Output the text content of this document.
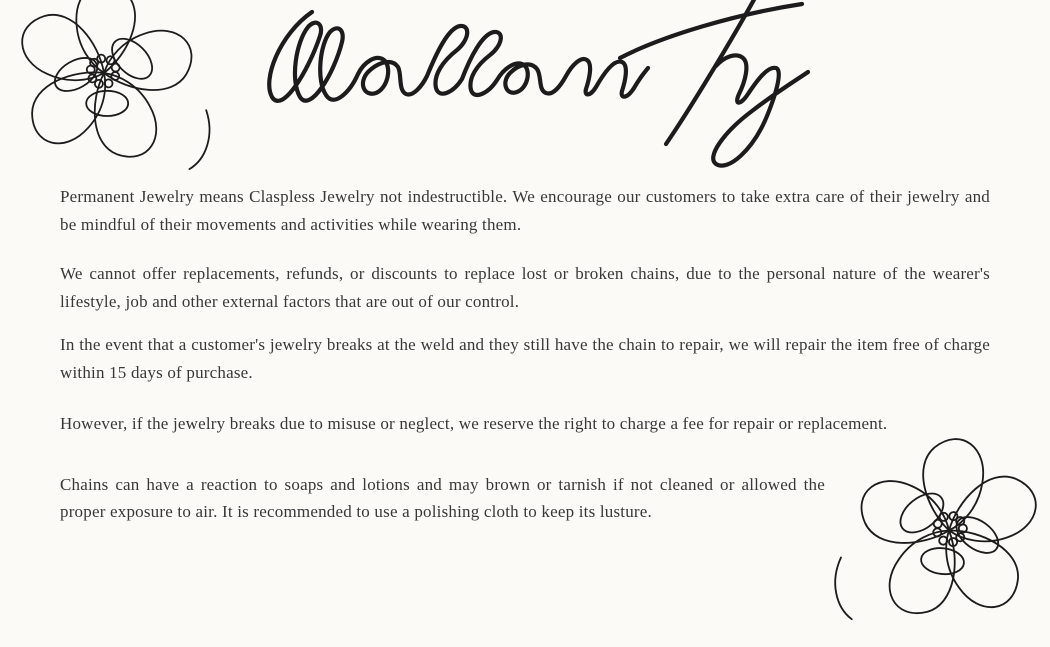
Permanent Jewelry means Claspless Jewelry not indestructible. We encourage our customers to take extra care of their jewelry and be mindful of their movements and activities while wearing them.

We cannot offer replacements, refunds, or discounts to replace lost or broken chains, due to the personal nature of the wearer's lifestyle, job and other external factors that are out of our control.

In the event that a customer's jewelry breaks at the weld and they still have the chain to repair, we will repair the item free of charge within 15 days of purchase.

However, if the jewelry breaks due to misuse or neglect, we reserve the right to charge a fee for repair or replacement.

Chains can have a reaction to soaps and lotions and may brown or tarnish if not cleaned or allowed the proper exposure to air. It is recommended to use a polishing cloth to keep its lusture.
